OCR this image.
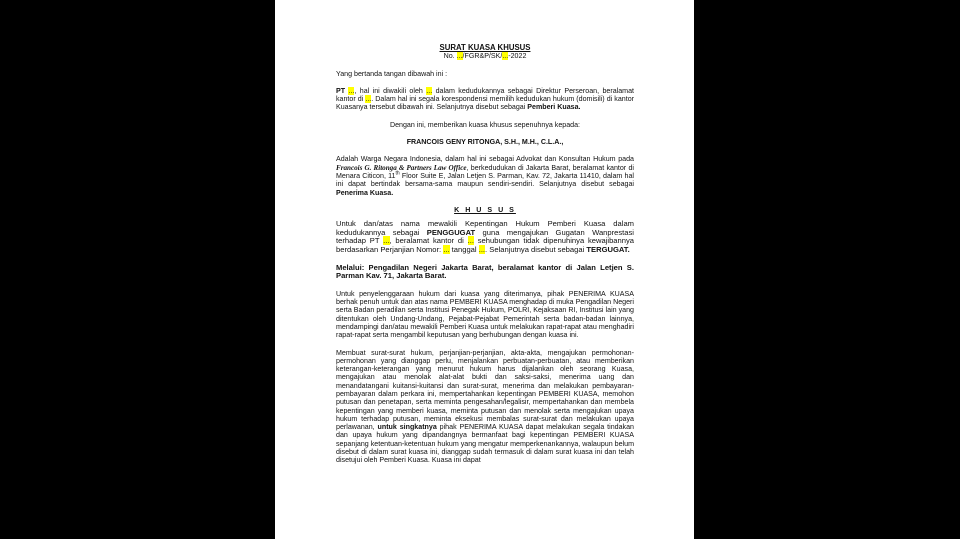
SURAT KUASA KHUSUS

No. .../FGR&P/SK/...-2022

Yang bertanda tangan dibawah ini :

PT ..., hal ini diwakili oleh ... dalam kedudukannya sebagai Direktur Perseroan, beralamat kantor di .... Dalam hal ini segala korespondensi memilih kedudukan hukum (domisili) di kantor Kuasanya tersebut dibawah ini. Selanjutnya disebut sebagai Pemberi Kuasa.

Dengan ini, memberikan kuasa khusus sepenuhnya kepada:

FRANCOIS GENY RITONGA, S.H., M.H., C.L.A.,

Adalah Warga Negara Indonesia, dalam hal ini sebagai Advokat dan Konsultan Hukum pada Francois G. Ritonga & Partners Law Office, berkedudukan di Jakarta Barat, beralamat kantor di Menara Citicon, 11th Floor Suite E, Jalan Letjen S. Parman, Kav. 72, Jakarta 11410, dalam hal ini dapat bertindak bersama-sama maupun sendiri-sendiri. Selanjutnya disebut sebagai Penerima Kuasa.

K H U S U S

Untuk dan/atas nama mewakili Kepentingan Hukum Pemberi Kuasa dalam kedudukannya sebagai PENGGUGAT guna mengajukan Gugatan Wanprestasi terhadap PT ..., beralamat kantor di ... sehubungan tidak dipenuhinya kewajibannya berdasarkan Perjanjian Nomor: ... tanggal .... Selanjutnya disebut sebagai TERGUGAT.

Melalui: Pengadilan Negeri Jakarta Barat, beralamat kantor di Jalan Letjen S. Parman Kav. 71, Jakarta Barat.

Untuk penyelenggaraan hukum dari kuasa yang diterimanya, pihak PENERIMA KUASA berhak penuh untuk dan atas nama PEMBERI KUASA menghadap di muka Pengadilan Negeri serta Badan peradilan serta Institusi Penegak Hukum, POLRI, Kejaksaan RI, Institusi lain yang ditentukan oleh Undang-Undang, Pejabat-Pejabat Pemerintah serta badan-badan lainnya, mendampingi dan/atau mewakili Pemberi Kuasa untuk melakukan rapat-rapat atau menghadiri rapat-rapat serta mengambil keputusan yang berhubungan dengan kuasa ini.

Membuat surat-surat hukum, perjanjian-perjanjian, akta-akta, mengajukan permohonan-permohonan yang dianggap perlu, menjalankan perbuatan-perbuatan, atau memberikan keterangan-keterangan yang menurut hukum harus dijalankan oleh seorang Kuasa, mengajukan atau menolak alat-alat bukti dan saksi-saksi, menerima uang dan menandatangani kuitansi-kuitansi dan surat-surat, menerima dan melakukan pembayaran-pembayaran dalam perkara ini, mempertahankan kepentingan PEMBERI KUASA, memohon putusan dan penetapan, serta meminta pengesahan/legalisir, mempertahankan dan membela kepentingan yang memberi kuasa, meminta putusan dan menolak serta mengajukan upaya hukum terhadap putusan, meminta eksekusi membalas surat-surat dan melakukan upaya perlawanan, untuk singkatnya pihak PENERIMA KUASA dapat melakukan segala tindakan dan upaya hukum yang dipandangnya bermanfaat bagi kepentingan PEMBERI KUASA sepanjang ketentuan-ketentuan hukum yang mengatur memperkenankannya, walaupun belum disebut di dalam surat kuasa ini, dianggap sudah termasuk di dalam surat kuasa ini dan telah disetujui oleh Pemberi Kuasa. Kuasa ini dapat
